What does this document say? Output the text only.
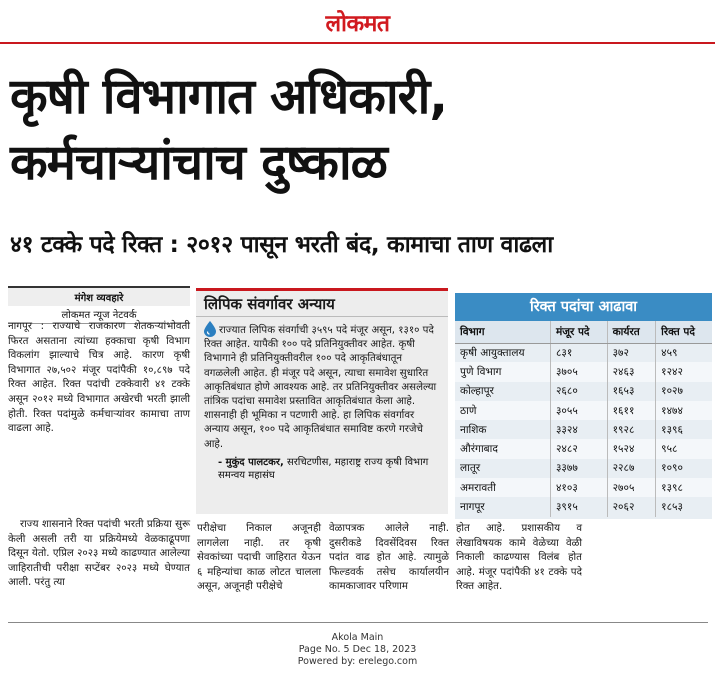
लोकमत
कृषी विभागात अधिकारी,
कर्मचाऱ्यांचाच दुष्काळ
४१ टक्के पदे रिक्त : २०१२ पासून भरती बंद, कामाचा ताण वाढला
मंगेश व्यवहारे
लोकमत न्यूज नेटवर्क

नागपूर : राज्याचे राजकारण शेतकऱ्यांभोवती फिरत असताना त्यांच्या हक्काचा कृषी विभाग विकलांग झाल्याचे चित्र आहे. कारण कृषी विभागात २७,५०२ मंजूर पदांपैकी १०,८९७ पदे रिक्त आहेत. रिक्त पदांची टक्केवारी ४१ टक्के असून २०१२ मध्ये विभागात अखेरची भरती झाली होती. रिक्त पदांमुळे कर्मचाऱ्यांवर कामाचा ताण वाढला आहे.

राज्य शासनाने रिक्त पदांची भरती प्रक्रिया सुरू केली असली तरी या प्रक्रियेमध्ये वेळकाढूपणा दिसून येतो. एप्रिल २०२३ मध्ये काढण्यात आलेल्या जाहिरातीची परीक्षा सप्टेंबर २०२३ मध्ये घेण्यात आली. परंतु त्या

परीक्षेचा निकाल अजूनही लागलेला नाही. तर कृषी सेवकांच्या पदाची जाहिरात येऊन ६ महिन्यांचा काळ लोटत चालला असून, अजूनही परीक्षेचे
वेळापत्रक आलेले नाही. दुसरीकडे दिवसेंदिवस रिक्त पदांत वाढ होत आहे. त्यामुळे फिल्डवर्क तसेच कार्यालयीन कामकाजावर परिणाम
होत आहे. प्रशासकीय व लेखाविषयक कामे वेळेच्या वेळी निकाली काढण्यास विलंब होत आहे. मंजूर पदांपैकी ४१ टक्के पदे रिक्त आहेत.
लिपिक संवर्गावर अन्याय
राज्यात लिपिक संवर्गाची ३५९५ पदे मंजूर असून, १३१० पदे रिक्त आहेत. यापैकी १०० पदे प्रतिनियुक्तीवर आहेत. कृषी विभागाने ही प्रतिनियुक्तीवरील १०० पदे आकृतिबंधातून वगळलेली आहेत. ही मंजूर पदे असून, त्याचा समावेश सुधारित आकृतिबंधात होणे आवश्यक आहे. तर प्रतिनियुक्तीवर असलेल्या तांत्रिक पदांचा समावेश प्रस्तावित आकृतिबंधात केला आहे. शासनाही ही भूमिका न पटणारी आहे. हा लिपिक संवर्गावर अन्याय असून, १०० पदे आकृतिबंधात समाविष्ट करणे गरजेचे आहे.
- मुकुंद पालटकर, सरचिटणीस, महाराष्ट्र राज्य कृषी विभाग समन्वय महासंघ
रिक्त पदांचा आढावा
विभाग	मंजूर पदे	कार्यरत	रिक्त पदे
कृषी आयुक्तालय	८३१	३७२	४५९
पुणे विभाग	३७०५	२४६३	१२४२
कोल्हापूर	२६८०	१६५३	१०२७
ठाणे	३०५५	१६११	१४७४
नाशिक	३३२४	१९२८	१३९६
औरंगाबाद	२४८२	१५२४	९५८
लातूर	३३७७	२२८७	१०९०
अमरावती	४१०३	२७०५	१३९८
नागपूर	३९१५	२०६२	१८५३
Akola Main
Page No. 5 Dec 18, 2023
Powered by: erelego.com
